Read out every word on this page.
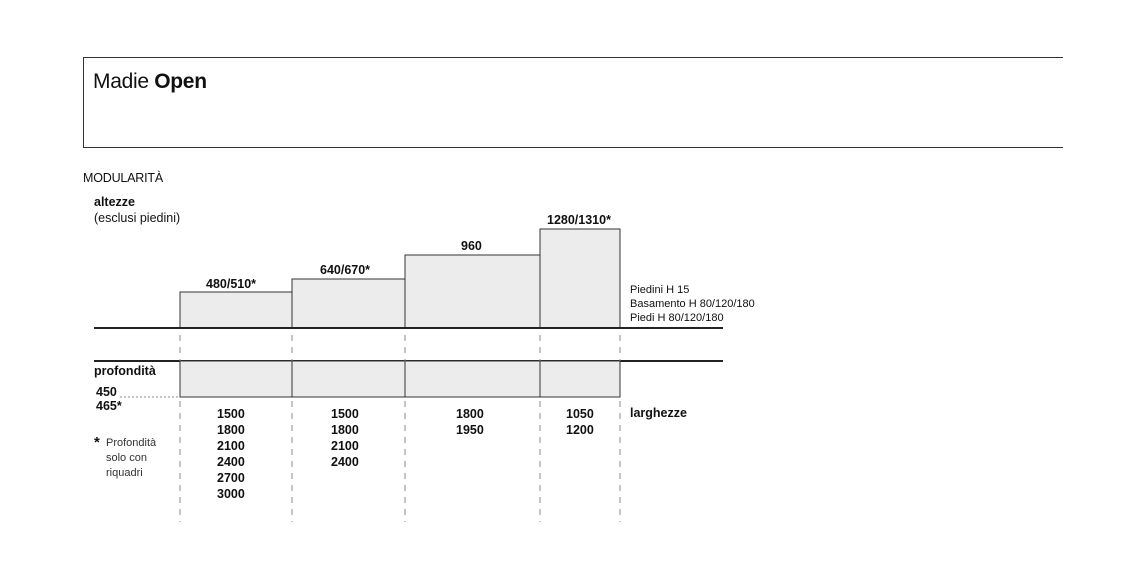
Madie Open
MODULARITÀ
altezze
(esclusi piedini)
480/510*
640/670*
960
1280/1310*
Piedini H 15
Basamento H 80/120/180
Piedi H 80/120/180
profondità
450
465*
* Profondità
solo con
riquadri
1500
1800
2100
2400
2700
3000
1500
1800
2100
2400
1800
1950
1050
1200
larghezze
